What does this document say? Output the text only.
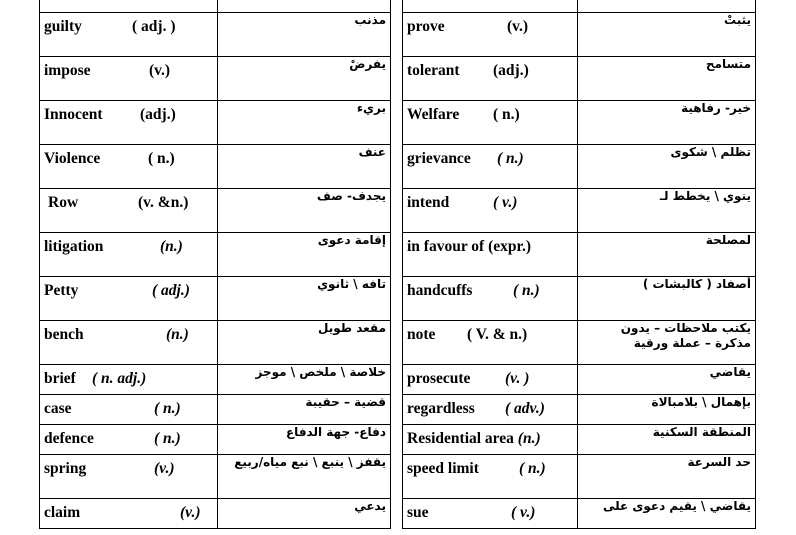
guilty ( adj. )	مذنب
impose (v.)	يفرضْ
Innocent (adj.)	بريء
Violence ( n.)	عنف
Row (v. &n.)	يجدف- صف
litigation (n.)	إقامة دعوى
Petty ( adj.)	تافه \ ثانوي
bench (n.)	مقعد طويل
brief ( n. adj.)	خلاصة \ ملخص \ موجز
case ( n.)	قضية – حقيبة
defence ( n.)	دفاع- جهة الدفاع
spring (v.)	يقفز \ ينبع \ نبع مياه/ربيع
claim (v.)	يدعي

prove (v.)	يثبتْ
tolerant (adj.)	متسامح
Welfare ( n.)	خير- رفاهية
grievance ( n.)	تظلم \ شكوى
intend ( v.)	ينوي \ يخطط لـ
in favour of (expr.)	لمصلحة
handcuffs ( n.)	أصفاد ( كالبشات )
note ( V. & n.)	يكتب ملاحظات – يدون مذكرة – عملة ورقية
prosecute (v. )	يقاضي
regardless ( adv.)	بإهمال \ بلامبالاة
Residential area (n.)	المنطقة السكنية
speed limit ( n.)	حد السرعة
sue ( v.)	يقاضي \ يقيم دعوى على
